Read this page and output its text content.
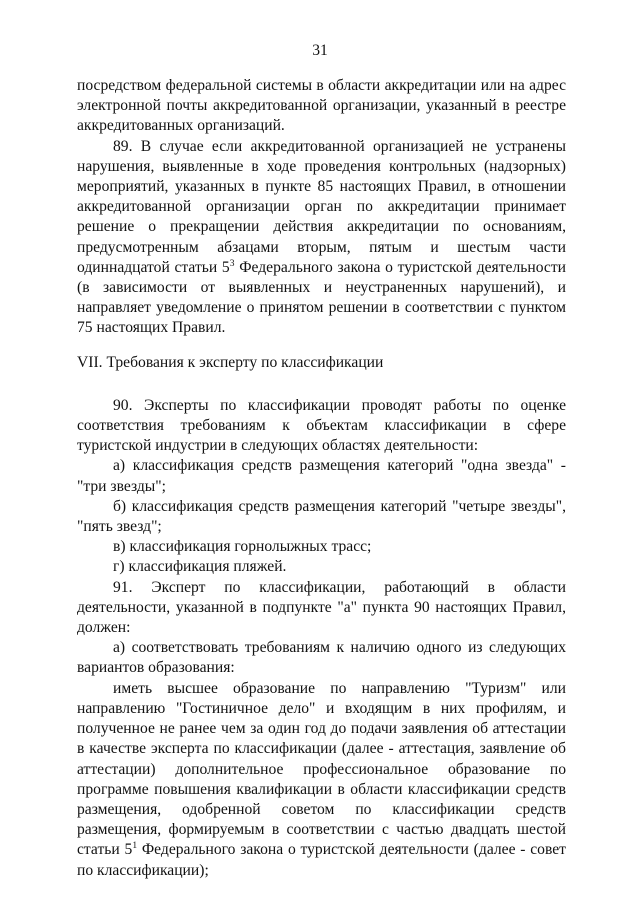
31

посредством федеральной системы в области аккредитации или на адрес электронной почты аккредитованной организации, указанный в реестре аккредитованных организаций.

89. В случае если аккредитованной организацией не устранены нарушения, выявленные в ходе проведения контрольных (надзорных) мероприятий, указанных в пункте 85 настоящих Правил, в отношении аккредитованной организации орган по аккредитации принимает решение о прекращении действия аккредитации по основаниям, предусмотренным абзацами вторым, пятым и шестым части одиннадцатой статьи $5^3$ Федерального закона о туристской деятельности (в зависимости от выявленных и неустраненных нарушений), и направляет уведомление о принятом решении в соответствии с пунктом 75 настоящих Правил.

VII. Требования к эксперту по классификации

90. Эксперты по классификации проводят работы по оценке соответствия требованиям к объектам классификации в сфере туристской индустрии в следующих областях деятельности:

а) классификация средств размещения категорий "одна звезда" - "три звезды";

б) классификация средств размещения категорий "четыре звезды", "пять звезд";

в) классификация горнолыжных трасс;

г) классификация пляжей.

91. Эксперт по классификации, работающий в области деятельности, указанной в подпункте "а" пункта 90 настоящих Правил, должен:

а) соответствовать требованиям к наличию одного из следующих вариантов образования:

иметь высшее образование по направлению "Туризм" или направлению "Гостиничное дело" и входящим в них профилям, и полученное не ранее чем за один год до подачи заявления об аттестации в качестве эксперта по классификации (далее - аттестация, заявление об аттестации) дополнительное профессиональное образование по программе повышения квалификации в области классификации средств размещения, одобренной советом по классификации средств размещения, формируемым в соответствии с частью двадцать шестой статьи $5^1$ Федерального закона о туристской деятельности (далее - совет по классификации);
